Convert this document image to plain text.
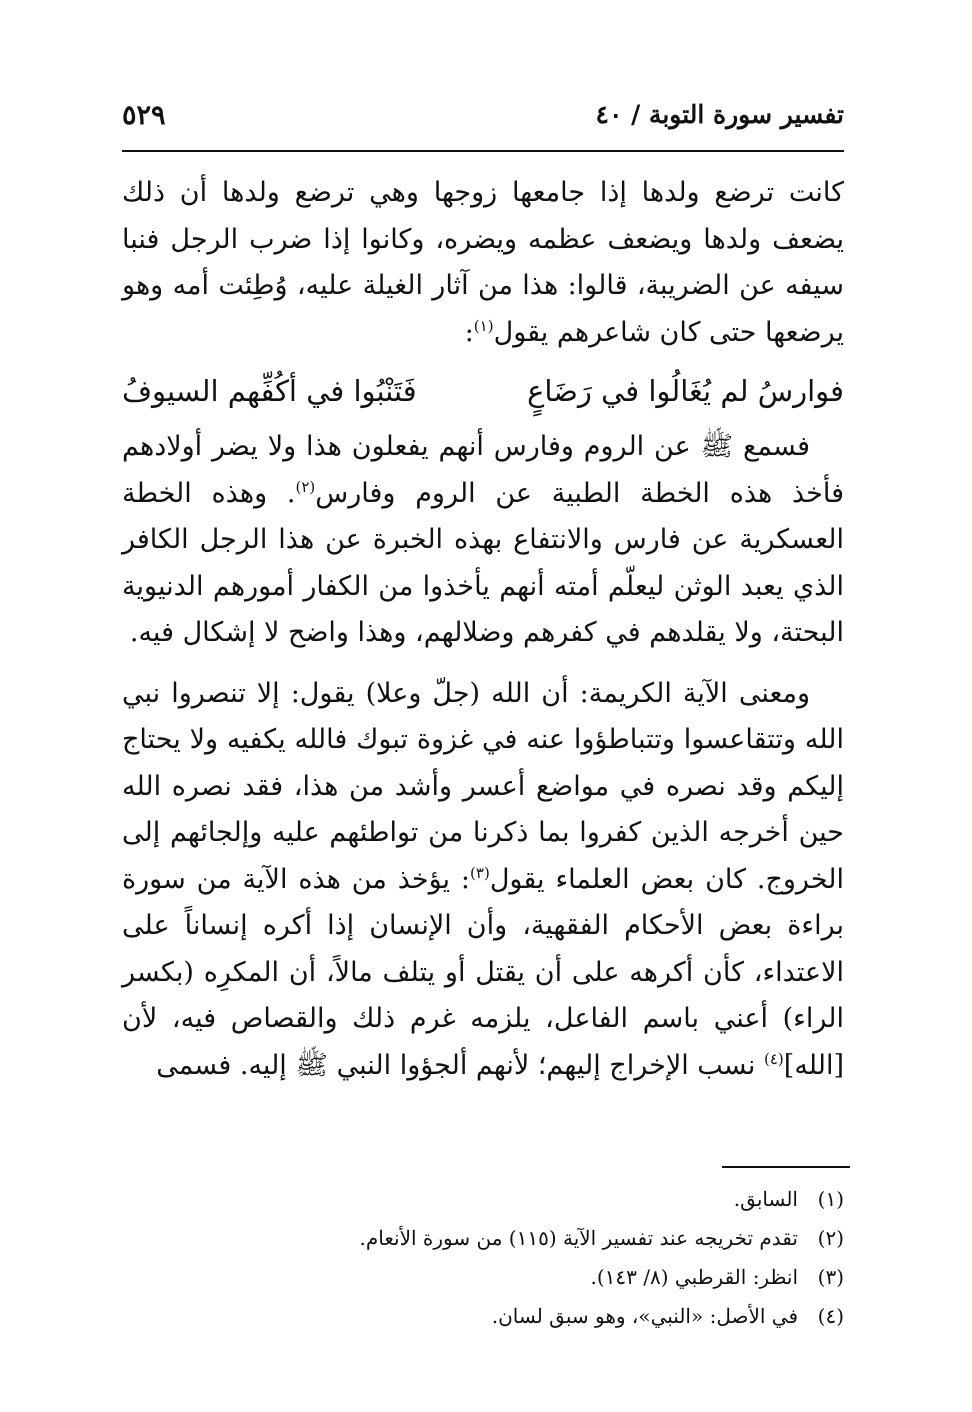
تفسير سورة التوبة / ٤٠
٥٢٩
كانت ترضع ولدها إذا جامعها زوجها وهي ترضع ولدها أن ذلك يضعف ولدها ويضعف عظمه ويضره، وكانوا إذا ضرب الرجل فنبا سيفه عن الضريبة، قالوا: هذا من آثار الغيلة عليه، وُطِئت أمه وهو يرضعها حتى كان شاعرهم يقول$^{(١)}$:
فوارسُ لم يُغَالُوا في رَضَاعٍ
فَتَنْبُوا في أكُفِّهم السيوفُ
فسمع ﷺ عن الروم وفارس أنهم يفعلون هذا ولا يضر أولادهم فأخذ هذه الخطة الطبية عن الروم وفارس$^{(٢)}$. وهذه الخطة العسكرية عن فارس والانتفاع بهذه الخبرة عن هذا الرجل الكافر الذي يعبد الوثن ليعلّم أمته أنهم يأخذوا من الكفار أمورهم الدنيوية البحتة، ولا يقلدهم في كفرهم وضلالهم، وهذا واضح لا إشكال فيه.
ومعنى الآية الكريمة: أن الله (جلّ وعلا) يقول: إلا تنصروا نبي الله وتتقاعسوا وتتباطؤوا عنه في غزوة تبوك فالله يكفيه ولا يحتاج إليكم وقد نصره في مواضع أعسر وأشد من هذا، فقد نصره الله حين أخرجه الذين كفروا بما ذكرنا من تواطئهم عليه وإلجائهم إلى الخروج. كان بعض العلماء يقول$^{(٣)}$: يؤخذ من هذه الآية من سورة براءة بعض الأحكام الفقهية، وأن الإنسان إذا أكره إنساناً على الاعتداء، كأن أكرهه على أن يقتل أو يتلف مالاً، أن المكرِه (بكسر الراء) أعني باسم الفاعل، يلزمه غرم ذلك والقصاص فيه، لأن [الله]$^{(٤)}$ نسب الإخراج إليهم؛ لأنهم ألجؤوا النبي ﷺ إليه. فسمى
(١)السابق.
(٢)تقدم تخريجه عند تفسير الآية (١١٥) من سورة الأنعام.
(٣)انظر: القرطبي (٨/ ١٤٣).
(٤)في الأصل: «النبي»، وهو سبق لسان.
